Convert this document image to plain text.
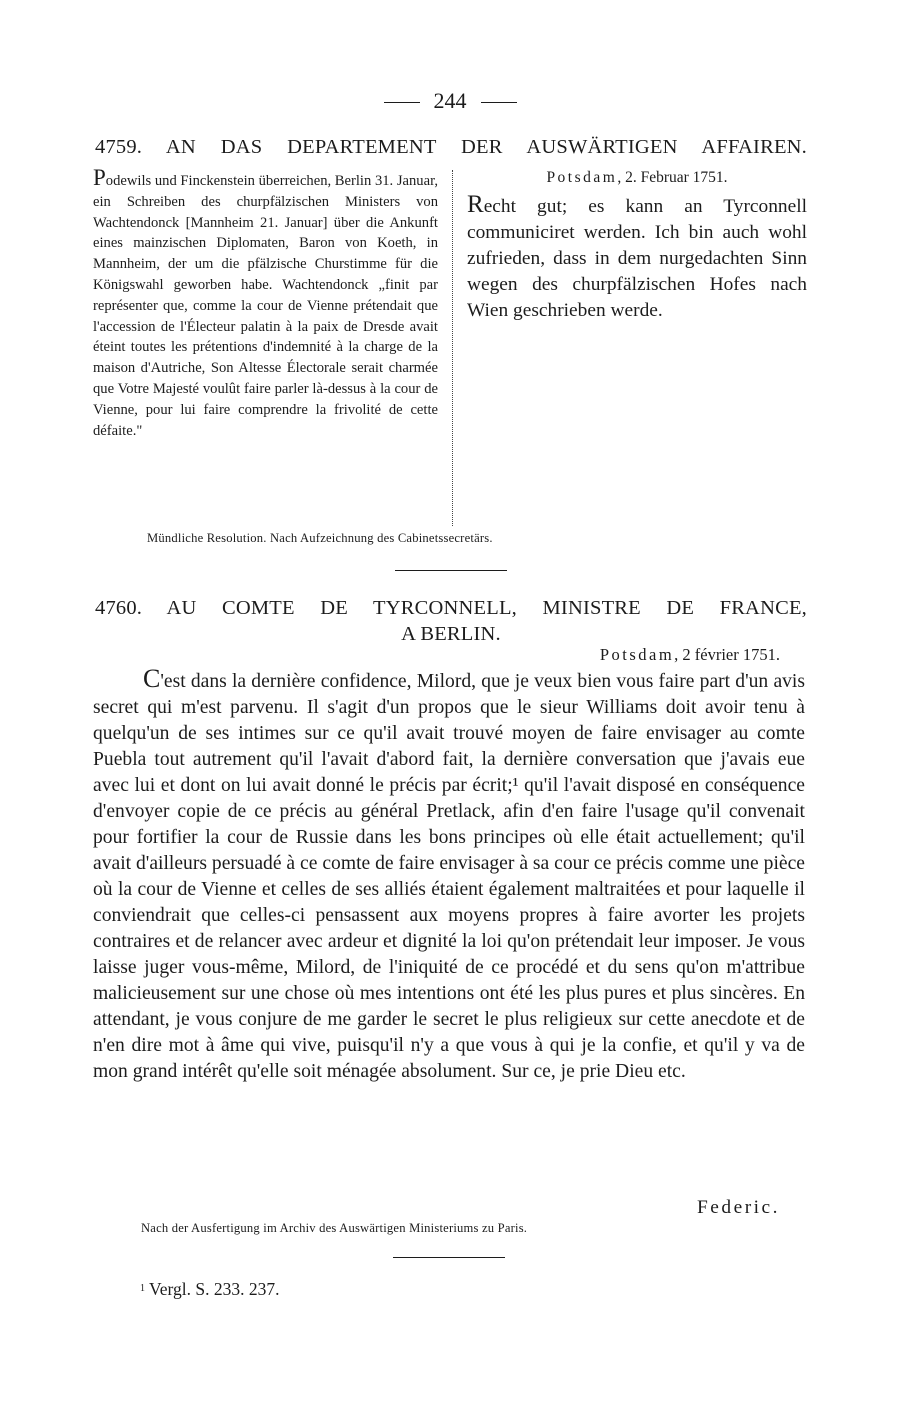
244
4759. AN DAS DEPARTEMENT DER AUSWÄRTIGEN AFFAIREN.
Podewils und Finckenstein überreichen, Berlin 31. Januar, ein Schreiben des churpfälzischen Ministers von Wachtendonck [Mannheim 21. Januar] über die Ankunft eines mainzischen Diplomaten, Baron von Koeth, in Mannheim, der um die pfälzische Churstimme für die Königswahl geworben habe. Wachtendonck „finit par représenter que, comme la cour de Vienne prétendait que l'accession de l'Électeur palatin à la paix de Dresde avait éteint toutes les prétentions d'indemnité à la charge de la maison d'Autriche, Son Altesse Électorale serait charmée que Votre Majesté voulût faire parler là-dessus à la cour de Vienne, pour lui faire comprendre la frivolité de cette défaite."
Potsdam, 2. Februar 1751.
Recht gut; es kann an Tyrconnell communiciret werden. Ich bin auch wohl zufrieden, dass in dem nurgedachten Sinn wegen des churpfälzischen Hofes nach Wien geschrieben werde.
Mündliche Resolution. Nach Aufzeichnung des Cabinetssecretärs.
4760. AU COMTE DE TYRCONNELL, MINISTRE DE FRANCE,
A BERLIN.
Potsdam, 2 février 1751.
C'est dans la dernière confidence, Milord, que je veux bien vous faire part d'un avis secret qui m'est parvenu. Il s'agit d'un propos que le sieur Williams doit avoir tenu à quelqu'un de ses intimes sur ce qu'il avait trouvé moyen de faire envisager au comte Puebla tout autrement qu'il l'avait d'abord fait, la dernière conversation que j'avais eue avec lui et dont on lui avait donné le précis par écrit;¹ qu'il l'avait disposé en conséquence d'envoyer copie de ce précis au général Pretlack, afin d'en faire l'usage qu'il convenait pour fortifier la cour de Russie dans les bons principes où elle était actuellement; qu'il avait d'ailleurs persuadé à ce comte de faire envisager à sa cour ce précis comme une pièce où la cour de Vienne et celles de ses alliés étaient également maltraitées et pour laquelle il conviendrait que celles-ci pensassent aux moyens propres à faire avorter les projets contraires et de relancer avec ardeur et dignité la loi qu'on prétendait leur imposer. Je vous laisse juger vous-même, Milord, de l'iniquité de ce procédé et du sens qu'on m'attribue malicieusement sur une chose où mes intentions ont été les plus pures et plus sincères. En attendant, je vous conjure de me garder le secret le plus religieux sur cette anecdote et de n'en dire mot à âme qui vive, puisqu'il n'y a que vous à qui je la confie, et qu'il y va de mon grand intérêt qu'elle soit ménagée absolument. Sur ce, je prie Dieu etc.
Federic.
Nach der Ausfertigung im Archiv des Auswärtigen Ministeriums zu Paris.
$^1$ Vergl. S. 233. 237.
